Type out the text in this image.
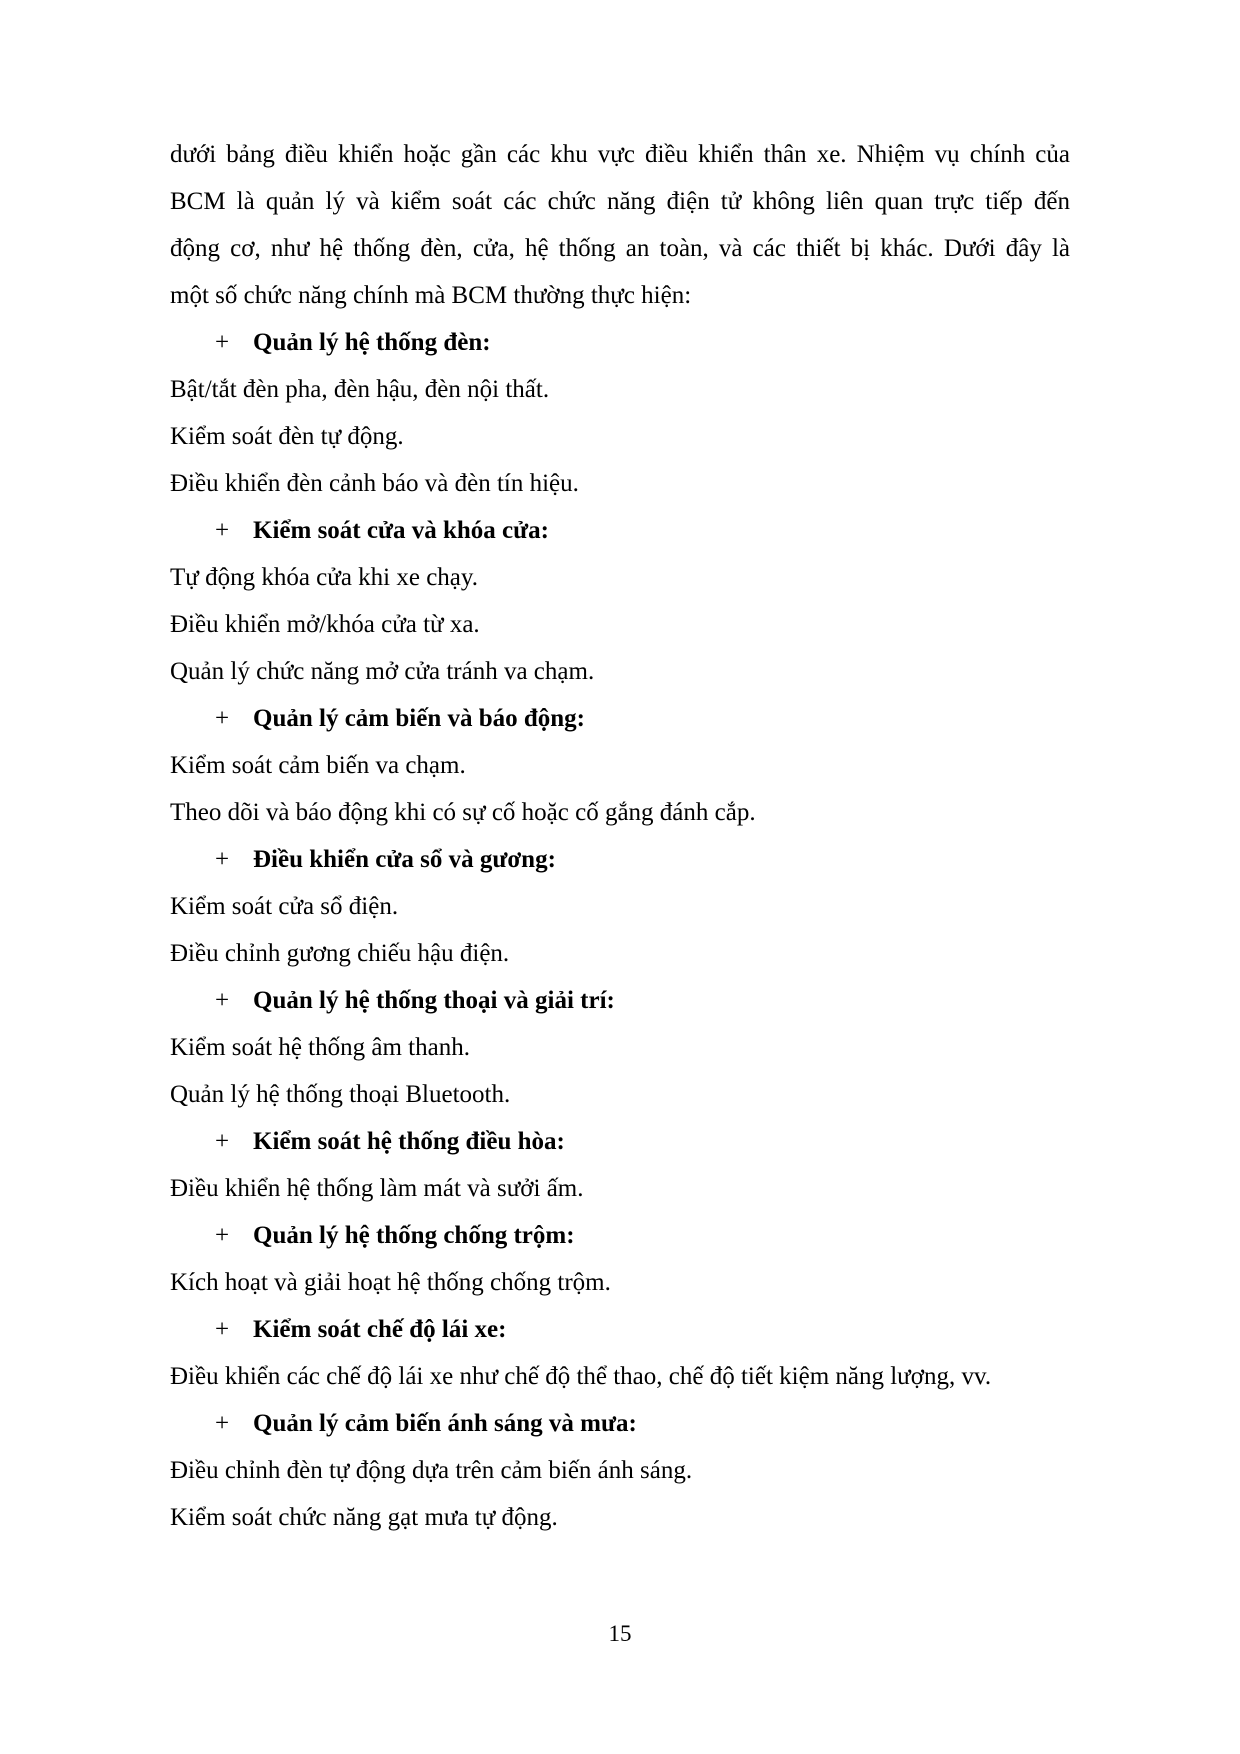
dưới bảng điều khiển hoặc gần các khu vực điều khiển thân xe. Nhiệm vụ chính của
BCM là quản lý và kiểm soát các chức năng điện tử không liên quan trực tiếp đến
động cơ, như hệ thống đèn, cửa, hệ thống an toàn, và các thiết bị khác. Dưới đây là
một số chức năng chính mà BCM thường thực hiện:
+ Quản lý hệ thống đèn:
Bật/tắt đèn pha, đèn hậu, đèn nội thất.
Kiểm soát đèn tự động.
Điều khiển đèn cảnh báo và đèn tín hiệu.
+ Kiểm soát cửa và khóa cửa:
Tự động khóa cửa khi xe chạy.
Điều khiển mở/khóa cửa từ xa.
Quản lý chức năng mở cửa tránh va chạm.
+ Quản lý cảm biến và báo động:
Kiểm soát cảm biến va chạm.
Theo dõi và báo động khi có sự cố hoặc cố gắng đánh cắp.
+ Điều khiển cửa sổ và gương:
Kiểm soát cửa sổ điện.
Điều chỉnh gương chiếu hậu điện.
+ Quản lý hệ thống thoại và giải trí:
Kiểm soát hệ thống âm thanh.
Quản lý hệ thống thoại Bluetooth.
+ Kiểm soát hệ thống điều hòa:
Điều khiển hệ thống làm mát và sưởi ấm.
+ Quản lý hệ thống chống trộm:
Kích hoạt và giải hoạt hệ thống chống trộm.
+ Kiểm soát chế độ lái xe:
Điều khiển các chế độ lái xe như chế độ thể thao, chế độ tiết kiệm năng lượng, vv.
+ Quản lý cảm biến ánh sáng và mưa:
Điều chỉnh đèn tự động dựa trên cảm biến ánh sáng.
Kiểm soát chức năng gạt mưa tự động.
15
